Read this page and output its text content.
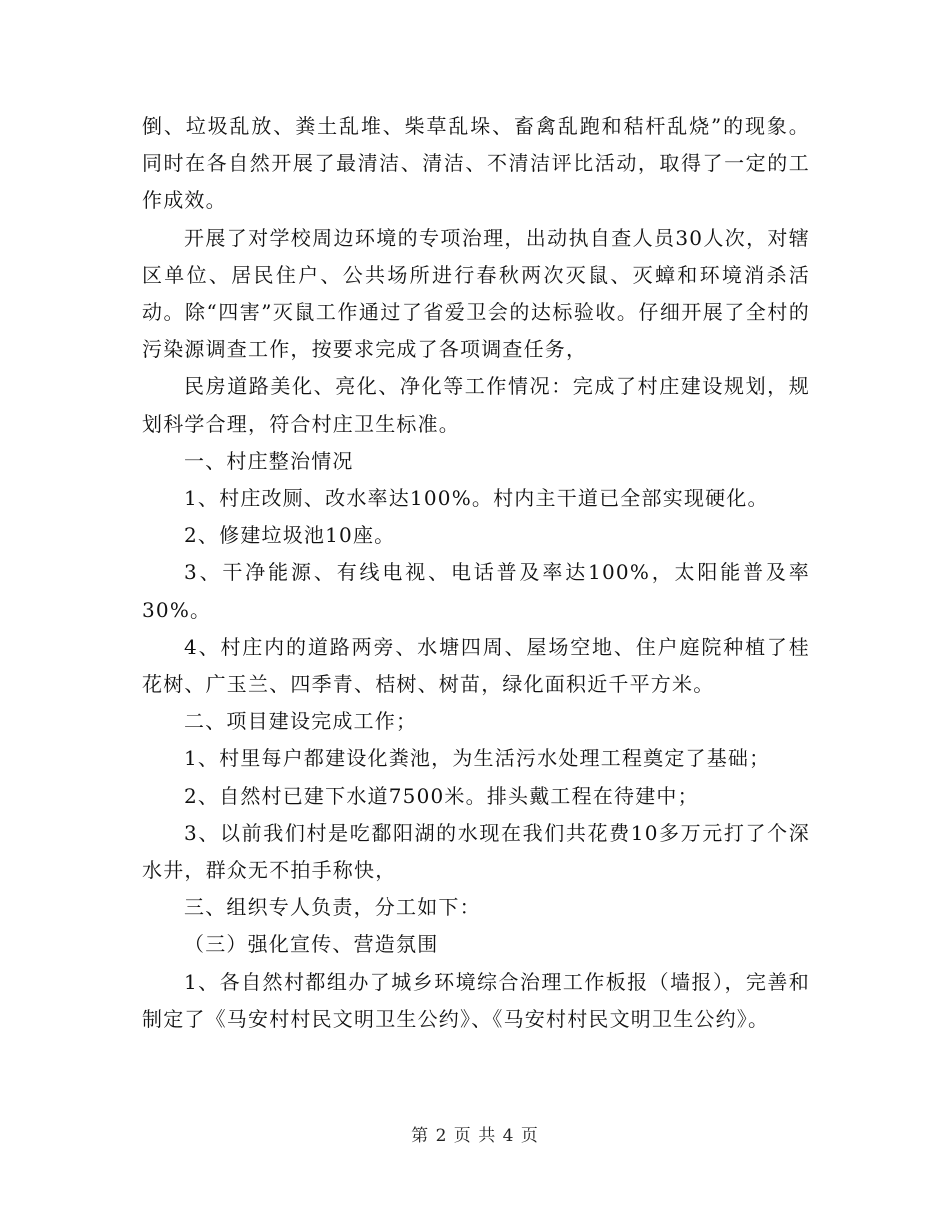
倒、垃圾乱放、粪土乱堆、柴草乱垛、畜禽乱跑和秸杆乱烧”的现象。同时在各自然开展了最清洁、清洁、不清洁评比活动，取得了一定的工作成效。

开展了对学校周边环境的专项治理，出动执自查人员30人次，对辖区单位、居民住户、公共场所进行春秋两次灭鼠、灭蟑和环境消杀活动。除“四害”灭鼠工作通过了省爱卫会的达标验收。仔细开展了全村的污染源调查工作，按要求完成了各项调查任务，

民房道路美化、亮化、净化等工作情况：完成了村庄建设规划，规划科学合理，符合村庄卫生标准。

一、村庄整治情况

1、村庄改厕、改水率达100%。村内主干道已全部实现硬化。

2、修建垃圾池10座。

3、干净能源、有线电视、电话普及率达100%，太阳能普及率30%。

4、村庄内的道路两旁、水塘四周、屋场空地、住户庭院种植了桂花树、广玉兰、四季青、桔树、树苗，绿化面积近千平方米。

二、项目建设完成工作；

1、村里每户都建设化粪池，为生活污水处理工程奠定了基础；

2、自然村已建下水道7500米。排头戴工程在待建中；

3、以前我们村是吃鄱阳湖的水现在我们共花费10多万元打了个深水井，群众无不拍手称快，

三、组织专人负责，分工如下：

（三）强化宣传、营造氛围

1、各自然村都组办了城乡环境综合治理工作板报（墙报），完善和制定了《马安村村民文明卫生公约》、《马安村村民文明卫生公约》。

第 2 页 共 4 页
